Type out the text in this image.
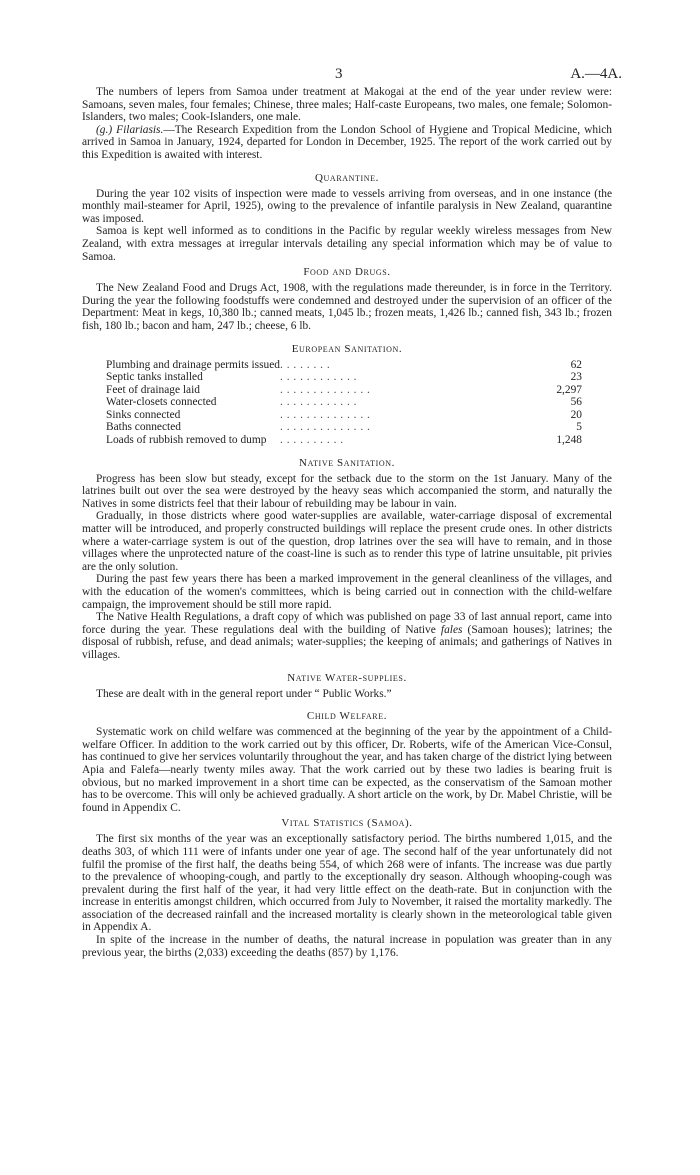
3	A.—4A.

The numbers of lepers from Samoa under treatment at Makogai at the end of the year under review were: Samoans, seven males, four females; Chinese, three males; Half-caste Europeans, two males, one female; Solomon-Islanders, two males; Cook-Islanders, one male.

(g.) Filariasis.—The Research Expedition from the London School of Hygiene and Tropical Medicine, which arrived in Samoa in January, 1924, departed for London in December, 1925. The report of the work carried out by this Expedition is awaited with interest.

Quarantine.

During the year 102 visits of inspection were made to vessels arriving from overseas, and in one instance (the monthly mail-steamer for April, 1925), owing to the prevalence of infantile paralysis in New Zealand, quarantine was imposed.

Samoa is kept well informed as to conditions in the Pacific by regular weekly wireless messages from New Zealand, with extra messages at irregular intervals detailing any special information which may be of value to Samoa.

Food and Drugs.

The New Zealand Food and Drugs Act, 1908, with the regulations made thereunder, is in force in the Territory. During the year the following foodstuffs were condemned and destroyed under the supervision of an officer of the Department: Meat in kegs, 10,380 lb.; canned meats, 1,045 lb.; frozen meats, 1,426 lb.; canned fish, 343 lb.; frozen fish, 180 lb.; bacon and ham, 247 lb.; cheese, 6 lb.

European Sanitation.
Plumbing and drainage permits issued	. . . . . . . .	62
Septic tanks installed	. . . . . . . . . . . .	23
Feet of drainage laid	. . . . . . . . . . . . . .	2,297
Water-closets connected	. . . . . . . . . . . .	56
Sinks connected	. . . . . . . . . . . . . .	20
Baths connected	. . . . . . . . . . . . . .	5
Loads of rubbish removed to dump	. . . . . . . . . .	1,248
Native Sanitation.

Progress has been slow but steady, except for the setback due to the storm on the 1st January. Many of the latrines built out over the sea were destroyed by the heavy seas which accompanied the storm, and naturally the Natives in some districts feel that their labour of rebuilding may be labour in vain.

Gradually, in those districts where good water-supplies are available, water-carriage disposal of excremental matter will be introduced, and properly constructed buildings will replace the present crude ones. In other districts where a water-carriage system is out of the question, drop latrines over the sea will have to remain, and in those villages where the unprotected nature of the coast-line is such as to render this type of latrine unsuitable, pit privies are the only solution.

During the past few years there has been a marked improvement in the general cleanliness of the villages, and with the education of the women's committees, which is being carried out in connection with the child-welfare campaign, the improvement should be still more rapid.

The Native Health Regulations, a draft copy of which was published on page 33 of last annual report, came into force during the year. These regulations deal with the building of Native fales (Samoan houses); latrines; the disposal of rubbish, refuse, and dead animals; water-supplies; the keeping of animals; and gatherings of Natives in villages.

Native Water-supplies.

These are dealt with in the general report under “ Public Works.”

Child Welfare.

Systematic work on child welfare was commenced at the beginning of the year by the appointment of a Child-welfare Officer. In addition to the work carried out by this officer, Dr. Roberts, wife of the American Vice-Consul, has continued to give her services voluntarily throughout the year, and has taken charge of the district lying between Apia and Falefa—nearly twenty miles away. That the work carried out by these two ladies is bearing fruit is obvious, but no marked improvement in a short time can be expected, as the conservatism of the Samoan mother has to be overcome. This will only be achieved gradually. A short article on the work, by Dr. Mabel Christie, will be found in Appendix C.

Vital Statistics (Samoa).

The first six months of the year was an exceptionally satisfactory period. The births numbered 1,015, and the deaths 303, of which 111 were of infants under one year of age. The second half of the year unfortunately did not fulfil the promise of the first half, the deaths being 554, of which 268 were of infants. The increase was due partly to the prevalence of whooping-cough, and partly to the exceptionally dry season. Although whooping-cough was prevalent during the first half of the year, it had very little effect on the death-rate. But in conjunction with the increase in enteritis amongst children, which occurred from July to November, it raised the mortality markedly. The association of the decreased rainfall and the increased mortality is clearly shown in the meteorological table given in Appendix A.

In spite of the increase in the number of deaths, the natural increase in population was greater than in any previous year, the births (2,033) exceeding the deaths (857) by 1,176.
